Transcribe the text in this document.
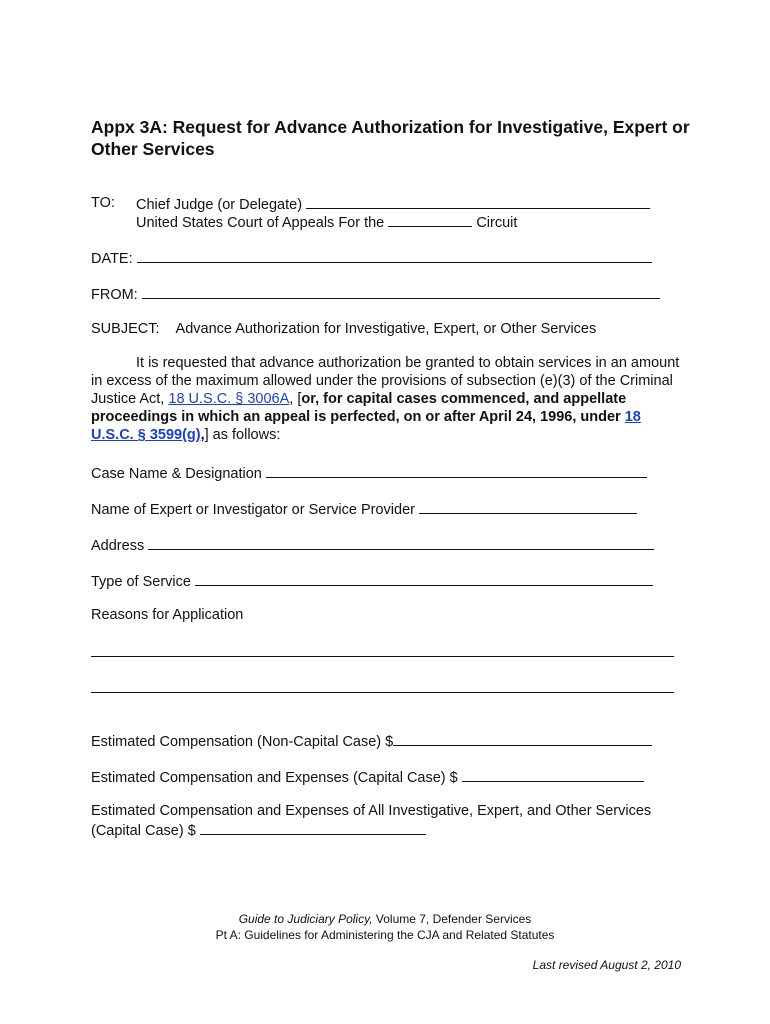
Appx 3A: Request for Advance Authorization for Investigative, Expert or Other Services
TO: Chief Judge (or Delegate)
United States Court of Appeals For the	Circuit
DATE:
FROM:
SUBJECT: Advance Authorization for Investigative, Expert, or Other Services

It is requested that advance authorization be granted to obtain services in an amount in excess of the maximum allowed under the provisions of subsection (e)(3) of the Criminal Justice Act, 18 U.S.C. § 3006A, [or, for capital cases commenced, and appellate proceedings in which an appeal is perfected, on or after April 24, 1996, under 18 U.S.C. § 3599(g),] as follows:

Case Name & Designation
Name of Expert or Investigator or Service Provider
Address
Type of Service
Reasons for Application
Estimated Compensation (Non-Capital Case) $
Estimated Compensation and Expenses (Capital Case) $
Estimated Compensation and Expenses of All Investigative, Expert, and Other Services
(Capital Case) $
Guide to Judiciary Policy, Volume 7, Defender Services
Pt A: Guidelines for Administering the CJA and Related Statutes
Last revised August 2, 2010
